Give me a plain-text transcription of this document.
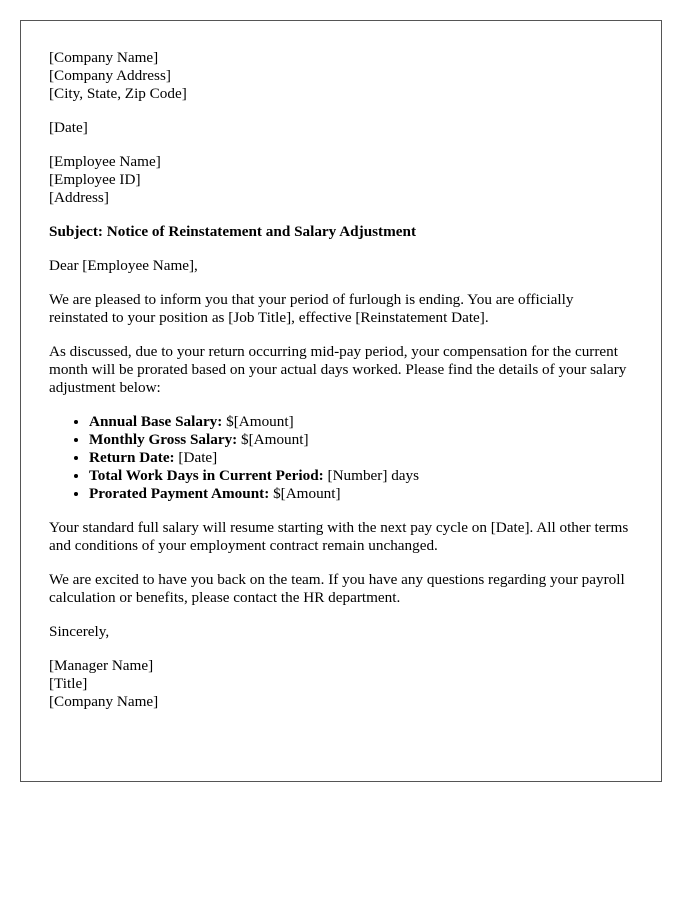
[Company Name]
[Company Address]
[City, State, Zip Code]
[Date]
[Employee Name]
[Employee ID]
[Address]
Subject: Notice of Reinstatement and Salary Adjustment

Dear [Employee Name],

We are pleased to inform you that your period of furlough is ending. You are officially reinstated to your position as [Job Title], effective [Reinstatement Date].

As discussed, due to your return occurring mid-pay period, your compensation for the current month will be prorated based on your actual days worked. Please find the details of your salary adjustment below:

• Annual Base Salary: $[Amount]
• Monthly Gross Salary: $[Amount]
• Return Date: [Date]
• Total Work Days in Current Period: [Number] days
• Prorated Payment Amount: $[Amount]

Your standard full salary will resume starting with the next pay cycle on [Date]. All other terms and conditions of your employment contract remain unchanged.

We are excited to have you back on the team. If you have any questions regarding your payroll calculation or benefits, please contact the HR department.

Sincerely,

[Manager Name]
[Title]
[Company Name]
